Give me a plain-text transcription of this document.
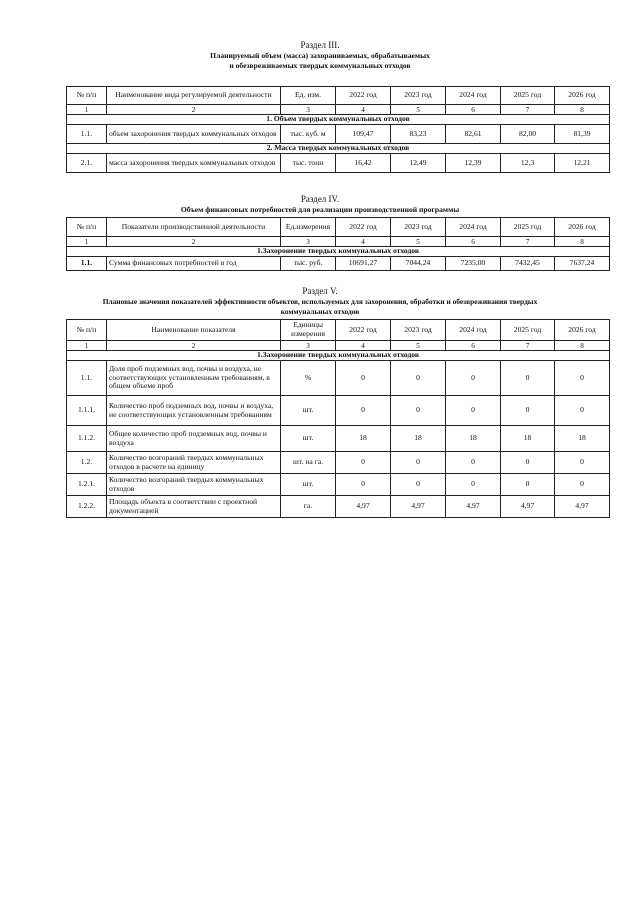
Раздел III.
Планируемый объем (масса) захораниваемых, обрабатываемых
и обезвреживаемых твердых коммунальных отходов
№ п/п	Наименование вида регулируемой деятельности	Ед. изм.	2022 год	2023 год	2024 год	2025 год	2026 год
1	2	3	4	5	6	7	8
1. Объем твердых коммунальных отходов							
1.1.	объем захоронения твердых коммунальных отходов	тыс. куб. м	109,47	83,23	82,61	82,00	81,39
2. Масса твердых коммунальных отходов							
2.1.	масса захоронения твердых коммунальных отходов	тыс. тонн	16,42	12,49	12,39	12,3	12,21
Раздел IV.
Объем финансовых потребностей для реализации производственной программы
№ п/п	Показатели производственной деятельности	Ед.измерения	2022 год	2023 год	2024 год	2025 год	2026 год
1	2	3	4	5	6	7	8
1.Захоронение твердых коммунальных отходов							
1.1.	Сумма финансовых потребностей в год	тыс. руб.	10691,27	7044,24	7235,00	7432,45	7637,24
Раздел V.
Плановые значения показателей эффективности объектов, используемых для захоронения, обработки и обезвреживания твердых
коммунальных отходов
№ п/п	Наименование показателя	Единицы измерения	2022 год	2023 год	2024 год	2025 год	2026 год
1	2	3	4	5	6	7	8
1.Захоронение твердых коммунальных отходов							
1.1.	Доля проб подземных вод, почвы и воздуха, не соответствующих установленным требованиям, в общем объеме проб	%	0	0	0	0	0
1.1.1.	Количество проб подземных вод, почвы и воздуха, не соответствующих установленным требованиям	шт.	0	0	0	0	0
1.1.2.	Общее количество проб подземных вод, почвы и воздуха	шт.	18	18	18	18	18
1.2.	Количество возгораний твердых коммунальных отходов в расчете на единицу	шт. на га.	0	0	0	0	0
1.2.1.	Количество возгораний твердых коммунальных отходов	шт.	0	0	0	0	0
1.2.2.	Площадь объекта в соответствии с проектной документацией	га.	4,97	4,97	4,97	4,97	4,97
